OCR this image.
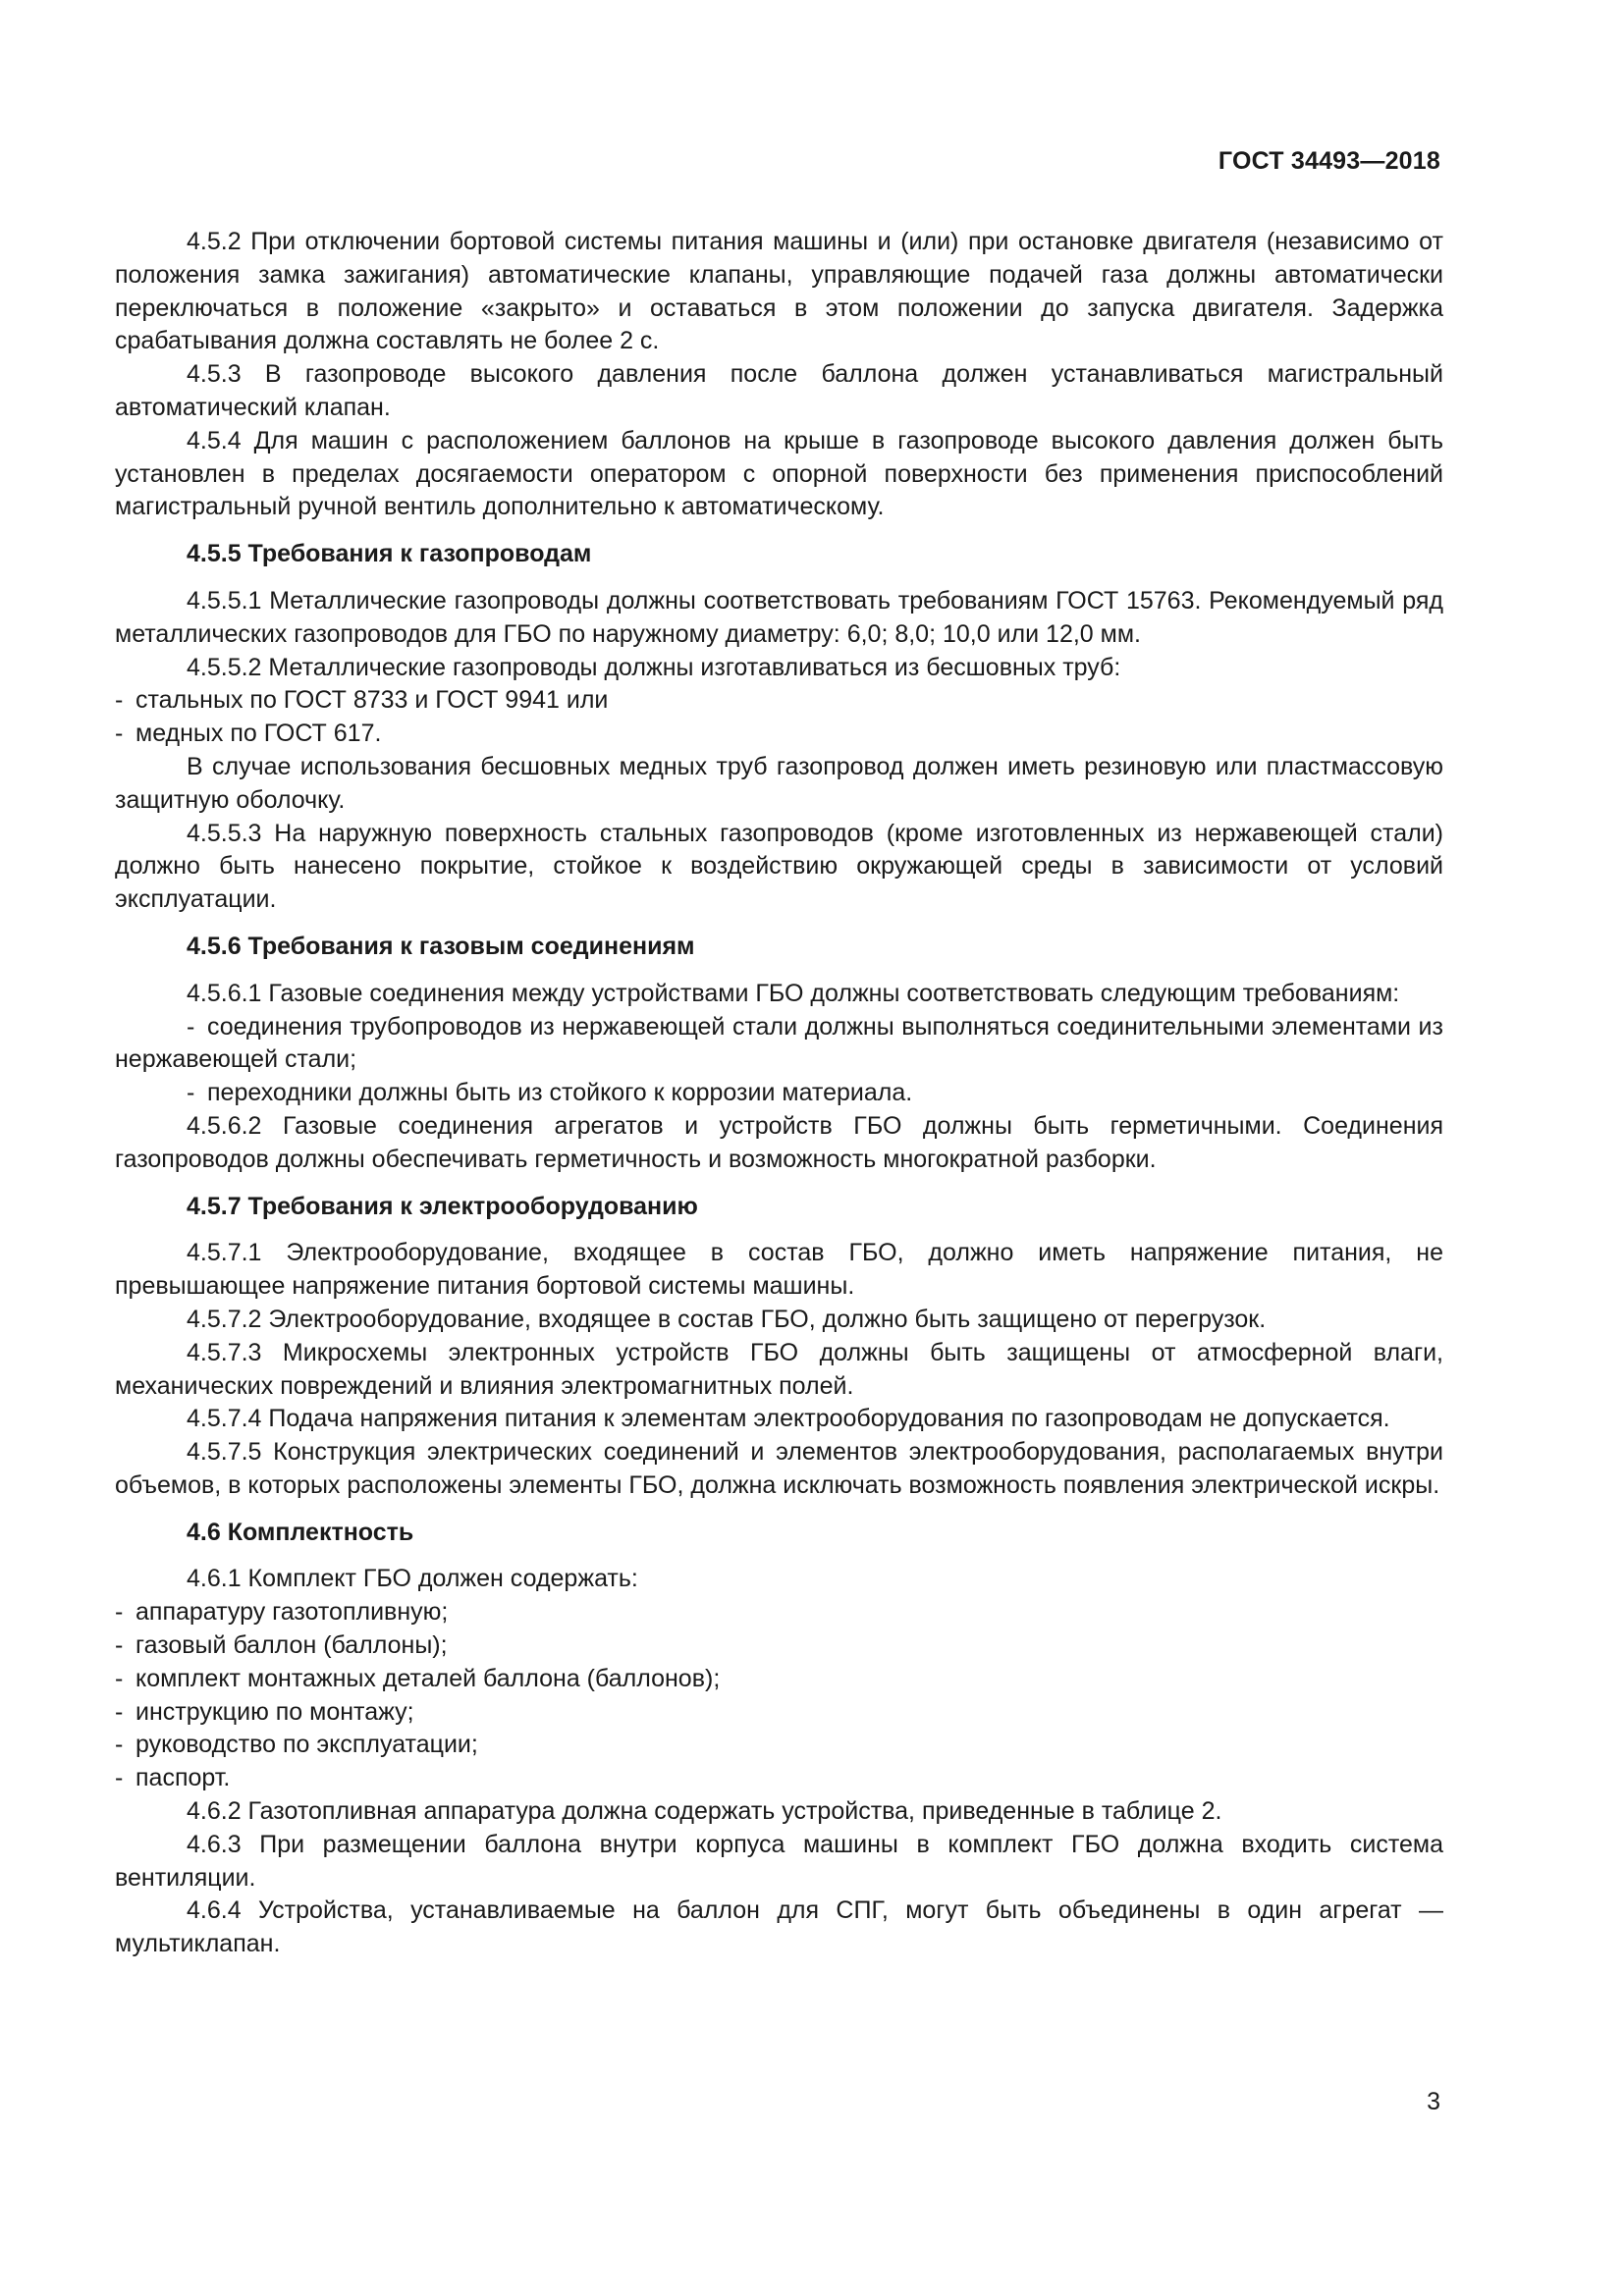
ГОСТ 34493—2018
4.5.2 При отключении бортовой системы питания машины и (или) при остановке двигателя (независимо от положения замка зажигания) автоматические клапаны, управляющие подачей газа должны автоматически переключаться в положение «закрыто» и оставаться в этом положении до запуска двигателя. Задержка срабатывания должна составлять не более 2 с.
4.5.3 В газопроводе высокого давления после баллона должен устанавливаться магистральный автоматический клапан.
4.5.4 Для машин с расположением баллонов на крыше в газопроводе высокого давления должен быть установлен в пределах досягаемости оператором с опорной поверхности без применения приспособлений магистральный ручной вентиль дополнительно к автоматическому.
4.5.5 Требования к газопроводам
4.5.5.1 Металлические газопроводы должны соответствовать требованиям ГОСТ 15763. Рекомендуемый ряд металлических газопроводов для ГБО по наружному диаметру: 6,0; 8,0; 10,0 или 12,0 мм.
4.5.5.2 Металлические газопроводы должны изготавливаться из бесшовных труб:
- стальных по ГОСТ 8733 и ГОСТ 9941 или
- медных по ГОСТ 617.
В случае использования бесшовных медных труб газопровод должен иметь резиновую или пластмассовую защитную оболочку.
4.5.5.3 На наружную поверхность стальных газопроводов (кроме изготовленных из нержавеющей стали) должно быть нанесено покрытие, стойкое к воздействию окружающей среды в зависимости от условий эксплуатации.
4.5.6 Требования к газовым соединениям
4.5.6.1 Газовые соединения между устройствами ГБО должны соответствовать следующим требованиям:
- соединения трубопроводов из нержавеющей стали должны выполняться соединительными элементами из нержавеющей стали;
- переходники должны быть из стойкого к коррозии материала.
4.5.6.2 Газовые соединения агрегатов и устройств ГБО должны быть герметичными. Соединения газопроводов должны обеспечивать герметичность и возможность многократной разборки.
4.5.7 Требования к электрооборудованию
4.5.7.1 Электрооборудование, входящее в состав ГБО, должно иметь напряжение питания, не превышающее напряжение питания бортовой системы машины.
4.5.7.2 Электрооборудование, входящее в состав ГБО, должно быть защищено от перегрузок.
4.5.7.3 Микросхемы электронных устройств ГБО должны быть защищены от атмосферной влаги, механических повреждений и влияния электромагнитных полей.
4.5.7.4 Подача напряжения питания к элементам электрооборудования по газопроводам не допускается.
4.5.7.5 Конструкция электрических соединений и элементов электрооборудования, располагаемых внутри объемов, в которых расположены элементы ГБО, должна исключать возможность появления электрической искры.
4.6 Комплектность
4.6.1 Комплект ГБО должен содержать:
- аппаратуру газотопливную;
- газовый баллон (баллоны);
- комплект монтажных деталей баллона (баллонов);
- инструкцию по монтажу;
- руководство по эксплуатации;
- паспорт.
4.6.2 Газотопливная аппаратура должна содержать устройства, приведенные в таблице 2.
4.6.3 При размещении баллона внутри корпуса машины в комплект ГБО должна входить система вентиляции.
4.6.4 Устройства, устанавливаемые на баллон для СПГ, могут быть объединены в один агрегат — мультиклапан.
3
